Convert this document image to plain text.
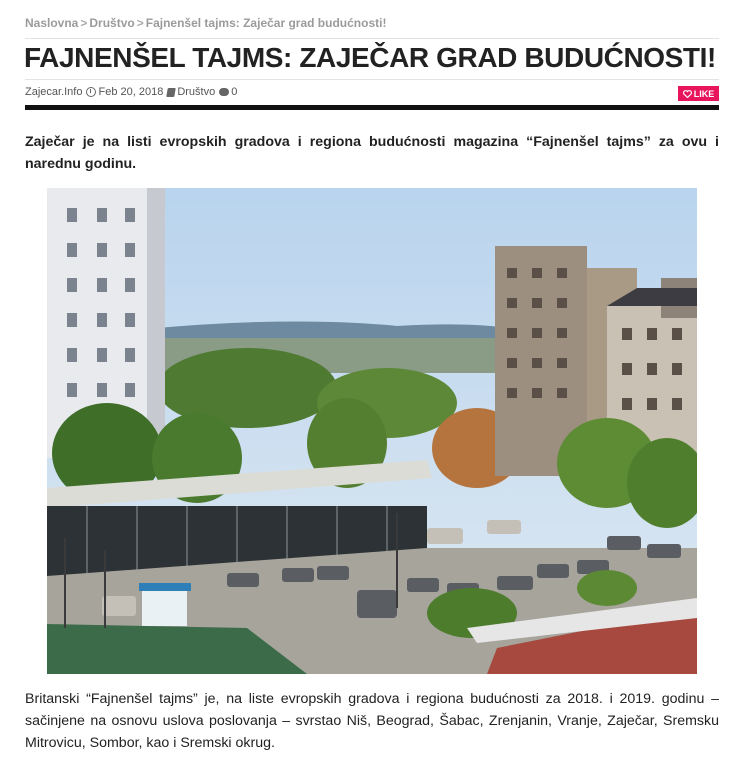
Naslovna > Društvo > Fajnenšel tajms: Zaječar grad budućnosti!
FAJNENŠEL TAJMS: ZAJEČAR GRAD BUDUĆNOSTI!
Zajecar.Info Feb 20, 2018 Društvo 0	LIKE

Zaječar je na listi evropskih gradova i regiona budućnosti magazina “Fajnenšel tajms” za ovu i narednu godinu.

Britanski “Fajnenšel tajms” je, na liste evropskih gradova i regiona budućnosti za 2018. i 2019. godinu – sačinjene na osnovu uslova poslovanja – svrstao Niš, Beograd, Šabac, Zrenjanin, Vranje, Zaječar, Sremsku Mitrovicu, Sombor, kao i Sremski okrug.
